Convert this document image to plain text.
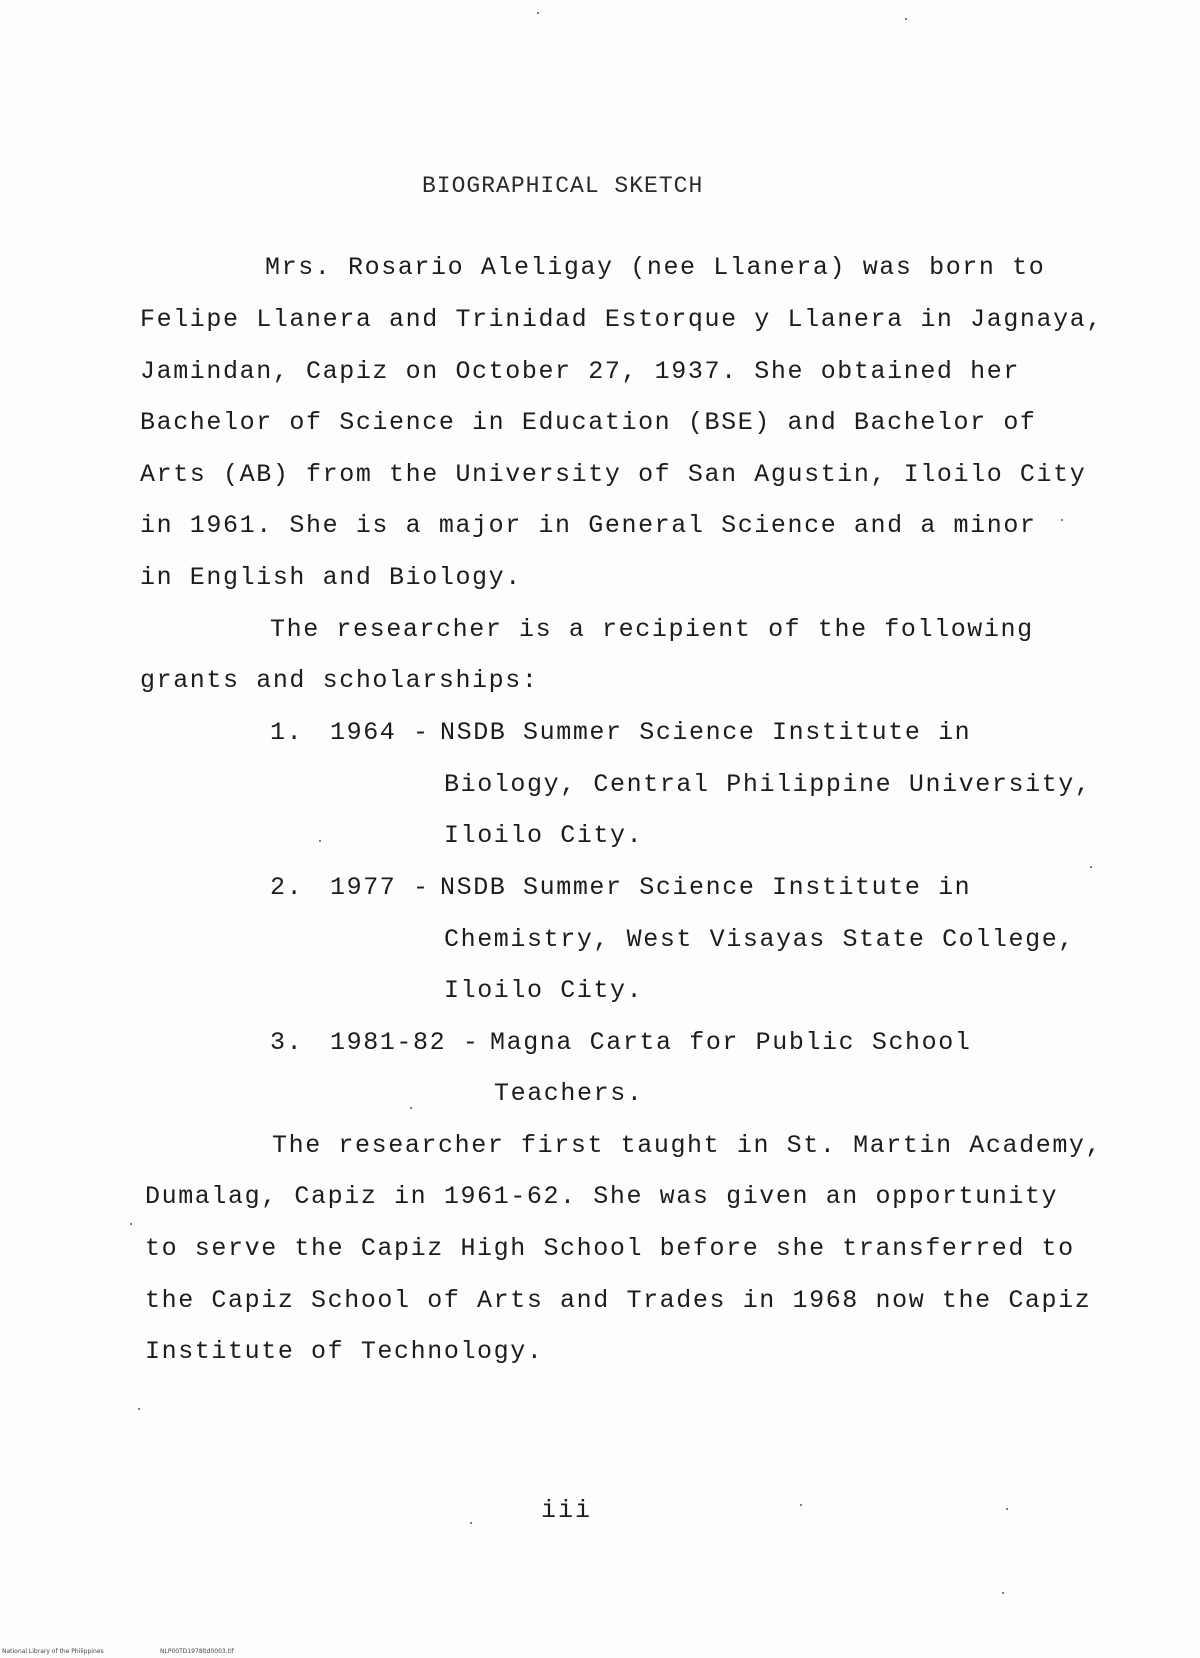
BIOGRAPHICAL SKETCH
Mrs. Rosario Aleligay (nee Llanera) was born to
Felipe Llanera and Trinidad Estorque y Llanera in Jagnaya,
Jamindan, Capiz on October 27, 1937. She obtained her
Bachelor of Science in Education (BSE) and Bachelor of
Arts (AB) from the University of San Agustin, Iloilo City
in 1961. She is a major in General Science and a minor
in English and Biology.
The researcher is a recipient of the following
grants and scholarships:
1. 1964 - NSDB Summer Science Institute in
Biology, Central Philippine University,
Iloilo City.
2. 1977 - NSDB Summer Science Institute in
Chemistry, West Visayas State College,
Iloilo City.
3. 1981-82 - Magna Carta for Public School
Teachers.
The researcher first taught in St. Martin Academy,
Dumalag, Capiz in 1961-62. She was given an opportunity
to serve the Capiz High School before she transferred to
the Capiz School of Arts and Trades in 1968 now the Capiz
Institute of Technology.
iii
National Library of the Philippines	NLP00TD1978ltd0003.tif
